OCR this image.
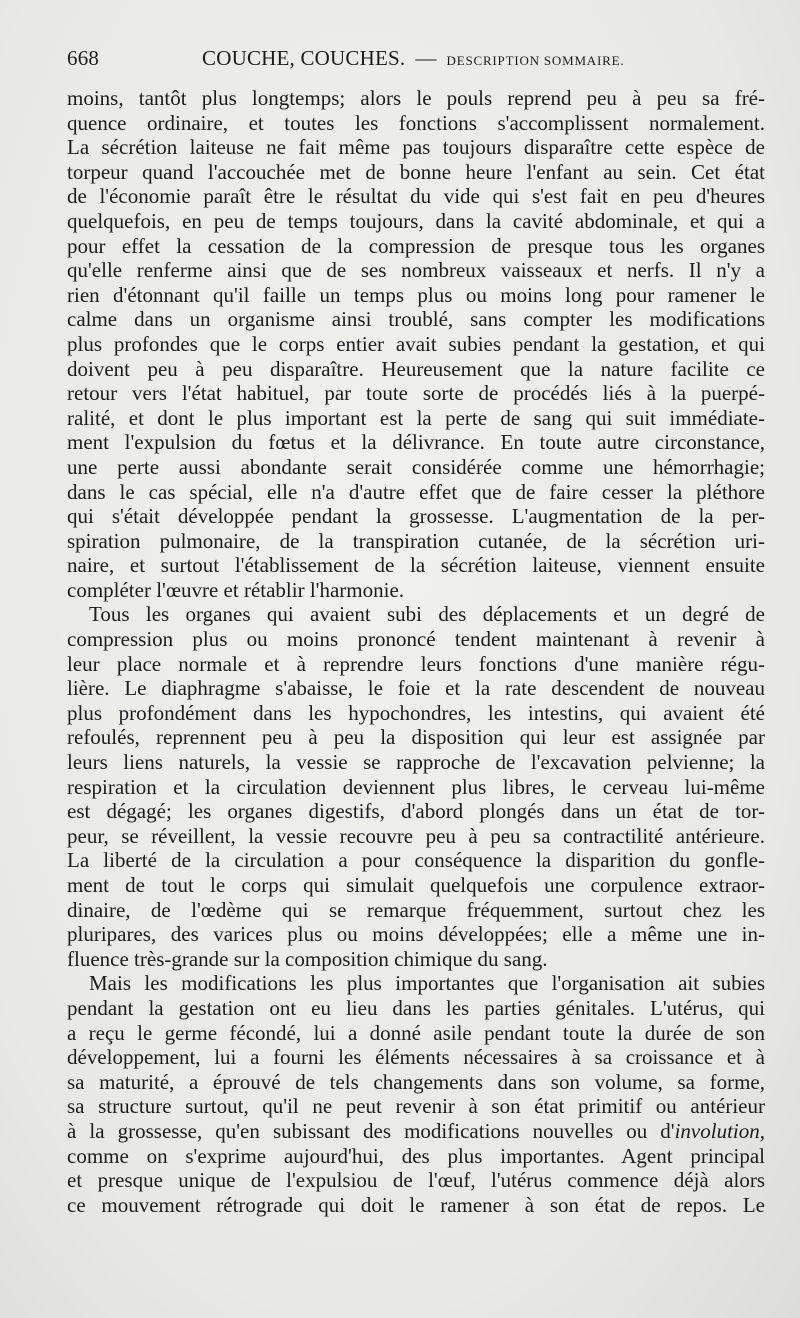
668	COUCHE, COUCHES. — DESCRIPTION SOMMAIRE.
moins, tantôt plus longtemps; alors le pouls reprend peu à peu sa fré-
quence ordinaire, et toutes les fonctions s'accomplissent normalement.
La sécrétion laiteuse ne fait même pas toujours disparaître cette espèce de
torpeur quand l'accouchée met de bonne heure l'enfant au sein. Cet état
de l'économie paraît être le résultat du vide qui s'est fait en peu d'heures
quelquefois, en peu de temps toujours, dans la cavité abdominale, et qui a
pour effet la cessation de la compression de presque tous les organes
qu'elle renferme ainsi que de ses nombreux vaisseaux et nerfs. Il n'y a
rien d'étonnant qu'il faille un temps plus ou moins long pour ramener le
calme dans un organisme ainsi troublé, sans compter les modifications
plus profondes que le corps entier avait subies pendant la gestation, et qui
doivent peu à peu disparaître. Heureusement que la nature facilite ce
retour vers l'état habituel, par toute sorte de procédés liés à la puerpé-
ralité, et dont le plus important est la perte de sang qui suit immédiate-
ment l'expulsion du fœtus et la délivrance. En toute autre circonstance,
une perte aussi abondante serait considérée comme une hémorrhagie;
dans le cas spécial, elle n'a d'autre effet que de faire cesser la pléthore
qui s'était développée pendant la grossesse. L'augmentation de la per-
spiration pulmonaire, de la transpiration cutanée, de la sécrétion uri-
naire, et surtout l'établissement de la sécrétion laiteuse, viennent ensuite
compléter l'œuvre et rétablir l'harmonie.
Tous les organes qui avaient subi des déplacements et un degré de
compression plus ou moins prononcé tendent maintenant à revenir à
leur place normale et à reprendre leurs fonctions d'une manière régu-
lière. Le diaphragme s'abaisse, le foie et la rate descendent de nouveau
plus profondément dans les hypochondres, les intestins, qui avaient été
refoulés, reprennent peu à peu la disposition qui leur est assignée par
leurs liens naturels, la vessie se rapproche de l'excavation pelvienne; la
respiration et la circulation deviennent plus libres, le cerveau lui-même
est dégagé; les organes digestifs, d'abord plongés dans un état de tor-
peur, se réveillent, la vessie recouvre peu à peu sa contractilité antérieure.
La liberté de la circulation a pour conséquence la disparition du gonfle-
ment de tout le corps qui simulait quelquefois une corpulence extraor-
dinaire, de l'œdème qui se remarque fréquemment, surtout chez les
pluripares, des varices plus ou moins développées; elle a même une in-
fluence très-grande sur la composition chimique du sang.
Mais les modifications les plus importantes que l'organisation ait subies
pendant la gestation ont eu lieu dans les parties génitales. L'utérus, qui
a reçu le germe fécondé, lui a donné asile pendant toute la durée de son
développement, lui a fourni les éléments nécessaires à sa croissance et à
sa maturité, a éprouvé de tels changements dans son volume, sa forme,
sa structure surtout, qu'il ne peut revenir à son état primitif ou antérieur
à la grossesse, qu'en subissant des modifications nouvelles ou d'involution,
comme on s'exprime aujourd'hui, des plus importantes. Agent principal
et presque unique de l'expulsiou de l'œuf, l'utérus commence déjà alors
ce mouvement rétrograde qui doit le ramener à son état de repos. Le
